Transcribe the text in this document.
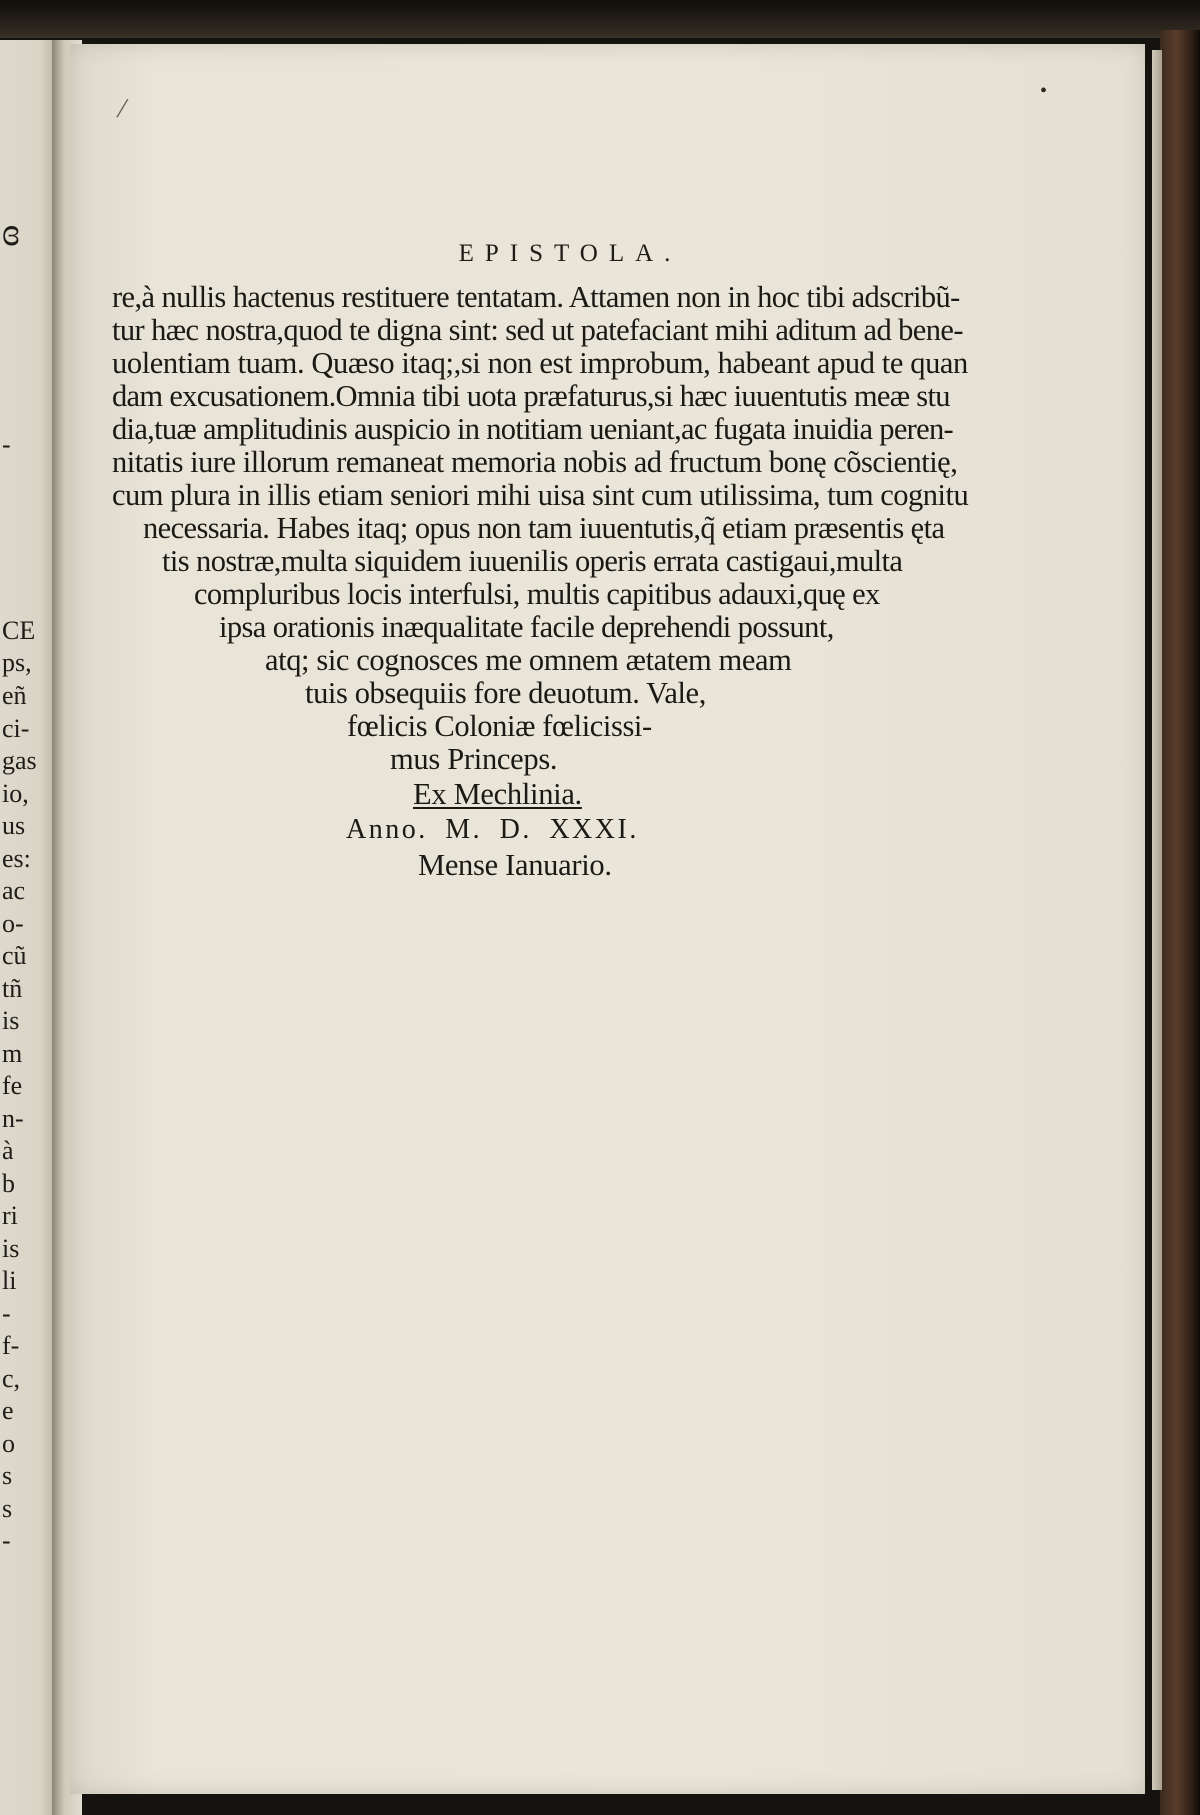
ɞ
-
CE
ps,
eñ
ci-
gas
io,
us
es:
ac
o-
cũ
tñ
is
m
fe
n-
à
b
ri
is
li
-
f-
c,
e
o
s
s
-

EPISTOLA.
re,à nullis hactenus restituere tentatam. Attamen non in hoc tibi adscribũ-
tur hæc nostra,quod te digna sint: sed ut patefaciant mihi aditum ad bene-
uolentiam tuam. Quæso itaq;,si non est improbum, habeant apud te quan
dam excusationem.Omnia tibi uota præfaturus,si hæc iuuentutis meæ stu
dia,tuæ amplitudinis auspicio in notitiam ueniant,ac fugata inuidia peren-
nitatis iure illorum remaneat memoria nobis ad fructum bonę cõscientię,
cum plura in illis etiam seniori mihi uisa sint cum utilissima, tum cognitu
necessaria. Habes itaq; opus non tam iuuentutis,q̃ etiam præsentis ęta
tis nostræ,multa siquidem iuuenilis operis errata castigaui,multa
compluribus locis interfulsi, multis capitibus adauxi,quę ex
ipsa orationis inæqualitate facile deprehendi possunt,
atq; sic cognosces me omnem ætatem meam
tuis obsequiis fore deuotum. Vale,
fœlicis Coloniæ fœlicissi-
mus Princeps.
Ex Mechlinia.
Anno. M. D. XXXI.
Mense Ianuario.
•
/
